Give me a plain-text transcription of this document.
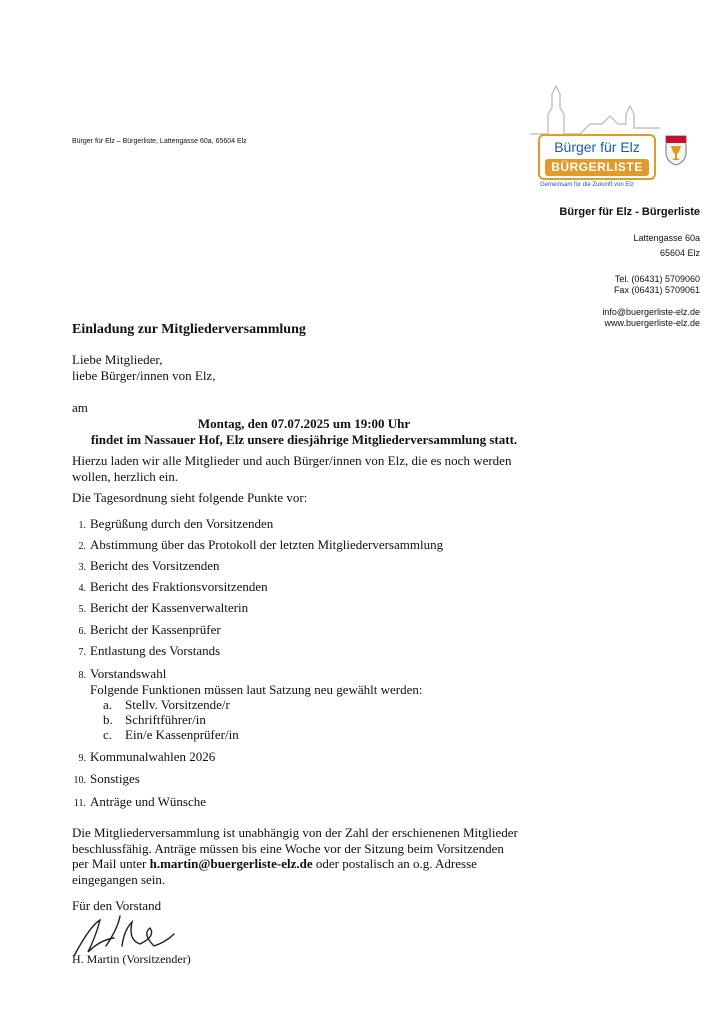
Bürger für Elz – Bürgerliste, Lattengasse 60a, 65604 Elz	Bürger für Elz
BÜRGERLISTE
Gemeinsam für die Zukunft von Elz
Bürger für Elz - Bürgerliste
Lattengasse 60a
65604 Elz
Tel. (06431) 5709060
Fax (06431) 5709061
info@buergerliste-elz.de
www.buergerliste-elz.de
Einladung zur Mitgliederversammlung
Liebe Mitglieder,
liebe Bürger/innen von Elz,
am
Montag, den 07.07.2025 um 19:00 Uhr
findet im Nassauer Hof, Elz unsere diesjährige Mitgliederversammlung statt.
Hierzu laden wir alle Mitglieder und auch Bürger/innen von Elz, die es noch werden
wollen, herzlich ein.
Die Tagesordnung sieht folgende Punkte vor:
1. Begrüßung durch den Vorsitzenden
2. Abstimmung über das Protokoll der letzten Mitgliederversammlung
3. Bericht des Vorsitzenden
4. Bericht des Fraktionsvorsitzenden
5. Bericht der Kassenverwalterin
6. Bericht der Kassenprüfer
7. Entlastung des Vorstands
8. Vorstandswahl
Folgende Funktionen müssen laut Satzung neu gewählt werden:
a. Stellv. Vorsitzende/r
b. Schriftführer/in
c. Ein/e Kassenprüfer/in
9. Kommunalwahlen 2026
10. Sonstiges
11. Anträge und Wünsche
Die Mitgliederversammlung ist unabhängig von der Zahl der erschienenen Mitglieder
beschlussfähig. Anträge müssen bis eine Woche vor der Sitzung beim Vorsitzenden
per Mail unter h.martin@buergerliste-elz.de oder postalisch an o.g. Adresse
eingegangen sein.
Für den Vorstand
H. Martin (Vorsitzender)
